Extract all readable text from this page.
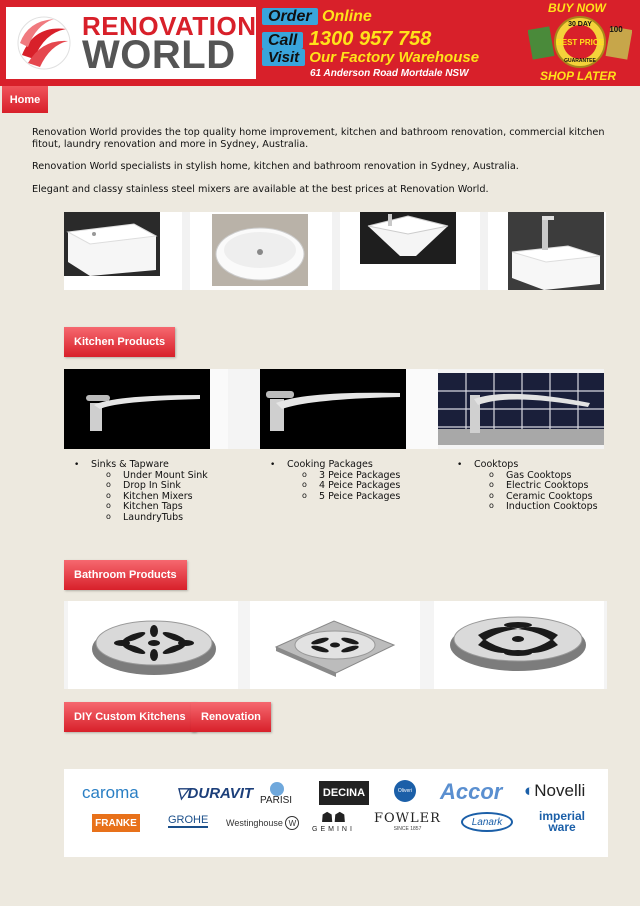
RENOVATION
WORLD
Order Online
Call 1300 957 758
Visit Our Factory Warehouse
61 Anderson Road Mortdale NSW
BUY NOW
30 DAY
100
BEST PRICE
GUARANTEE
SHOP LATER
Home

Renovation World provides the top quality home improvement, kitchen and bathroom renovation, commercial kitchen fitout, laundry renovation and more in Sydney, Australia.

Renovation World specialists in stylish home, kitchen and bathroom renovation in Sydney, Australia.

Elegant and classy stainless steel mixers are available at the best prices at Renovation World.

Kitchen Products
• Sinks & Tapware
o Under Mount Sink
o Drop In Sink
o Kitchen Mixers
o Kitchen Taps
o LaundryTubs
• Cooking Packages
o 3 Peice Packages
o 4 Peice Packages
o 5 Peice Packages
• Cooktops
o Gas Cooktops
o Electric Cooktops
o Ceramic Cooktops
o Induction Cooktops
Bathroom Products
DIY Custom Kitchens	Renovation
caroma ▽DURAVIT PARISI
DECINA	Oliveri Accor ◐Novelli
FRANKE	GROHE Westinghouse W	☗☗
GEMINI
FOWLER
SINCE 1857
Lanark	imperial ware
